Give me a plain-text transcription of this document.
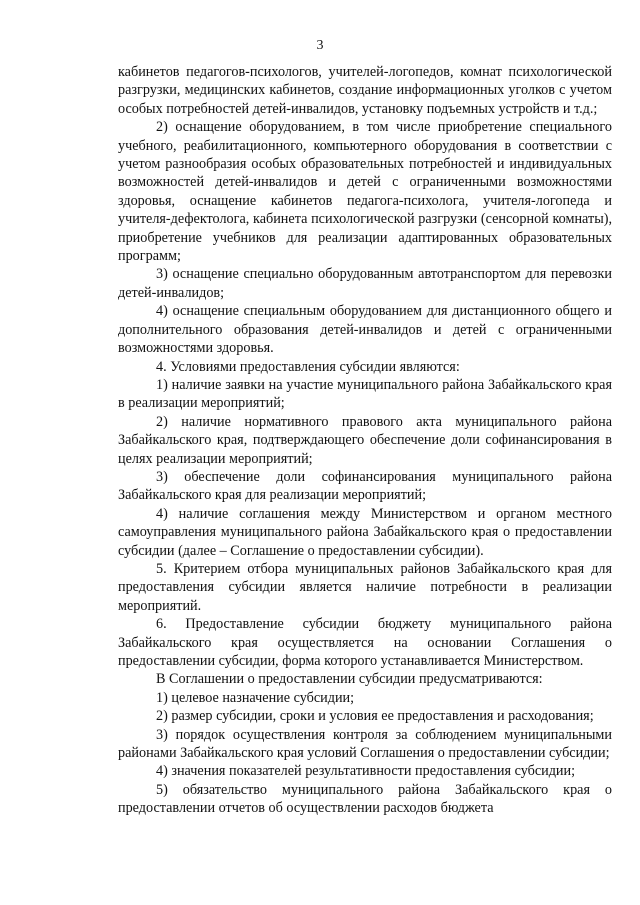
3

кабинетов педагогов-психологов, учителей-логопедов, комнат психологической разгрузки, медицинских кабинетов, создание информационных уголков с учетом особых потребностей детей-инвалидов, установку подъемных устройств и т.д.;

2) оснащение оборудованием, в том числе приобретение специального учебного, реабилитационного, компьютерного оборудования в соответствии с учетом разнообразия особых образовательных потребностей и индивидуальных возможностей детей-инвалидов и детей с ограниченными возможностями здоровья, оснащение кабинетов педагога-психолога, учителя-логопеда и учителя-дефектолога, кабинета психологической разгрузки (сенсорной комнаты), приобретение учебников для реализации адаптированных образовательных программ;

3) оснащение специально оборудованным автотранспортом для перевозки детей-инвалидов;

4) оснащение специальным оборудованием для дистанционного общего и дополнительного образования детей-инвалидов и детей с ограниченными возможностями здоровья.

4. Условиями предоставления субсидии являются:

1) наличие заявки на участие муниципального района Забайкальского края в реализации мероприятий;

2) наличие нормативного правового акта муниципального района Забайкальского края, подтверждающего обеспечение доли софинансирования в целях реализации мероприятий;

3) обеспечение доли софинансирования муниципального района Забайкальского края для реализации мероприятий;

4) наличие соглашения между Министерством и органом местного самоуправления муниципального района Забайкальского края о предоставлении субсидии (далее – Соглашение о предоставлении субсидии).

5. Критерием отбора муниципальных районов Забайкальского края для предоставления субсидии является наличие потребности в реализации мероприятий.

6. Предоставление субсидии бюджету муниципального района Забайкальского края осуществляется на основании Соглашения о предоставлении субсидии, форма которого устанавливается Министерством.

В Соглашении о предоставлении субсидии предусматриваются:

1) целевое назначение субсидии;

2) размер субсидии, сроки и условия ее предоставления и расходования;

3) порядок осуществления контроля за соблюдением муниципальными районами Забайкальского края условий Соглашения о предоставлении субсидии;

4) значения показателей результативности предоставления субсидии;

5) обязательство муниципального района Забайкальского края о предоставлении отчетов об осуществлении расходов бюджета
